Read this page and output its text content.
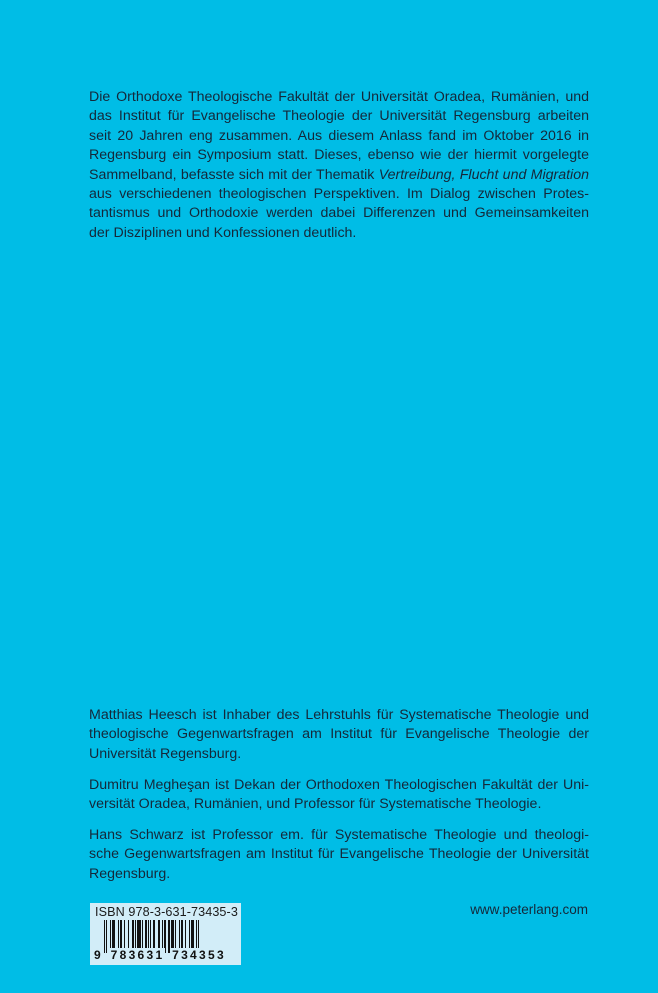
Die Orthodoxe Theologische Fakultät der Universität Oradea, Rumänien, und
das Institut für Evangelische Theologie der Universität Regensburg arbeiten
seit 20 Jahren eng zusammen. Aus diesem Anlass fand im Oktober 2016 in
Regensburg ein Symposium statt. Dieses, ebenso wie der hiermit vorgelegte
Sammelband, befasste sich mit der Thematik Vertreibung, Flucht und Migration
aus verschiedenen theologischen Perspektiven. Im Dialog zwischen Protes-
tantismus und Orthodoxie werden dabei Differenzen und Gemeinsamkeiten
der Disziplinen und Konfessionen deutlich.
Matthias Heesch ist Inhaber des Lehrstuhls für Systematische Theologie und
theologische Gegenwartsfragen am Institut für Evangelische Theologie der
Universität Regensburg.
Dumitru Megheşan ist Dekan der Orthodoxen Theologischen Fakultät der Uni-
versität Oradea, Rumänien, und Professor für Systematische Theologie.
Hans Schwarz ist Professor em. für Systematische Theologie und theologi-
sche Gegenwartsfragen am Institut für Evangelische Theologie der Universität
Regensburg.
ISBN 978-3-631-73435-3
9 783631 734353
www.peterlang.com
